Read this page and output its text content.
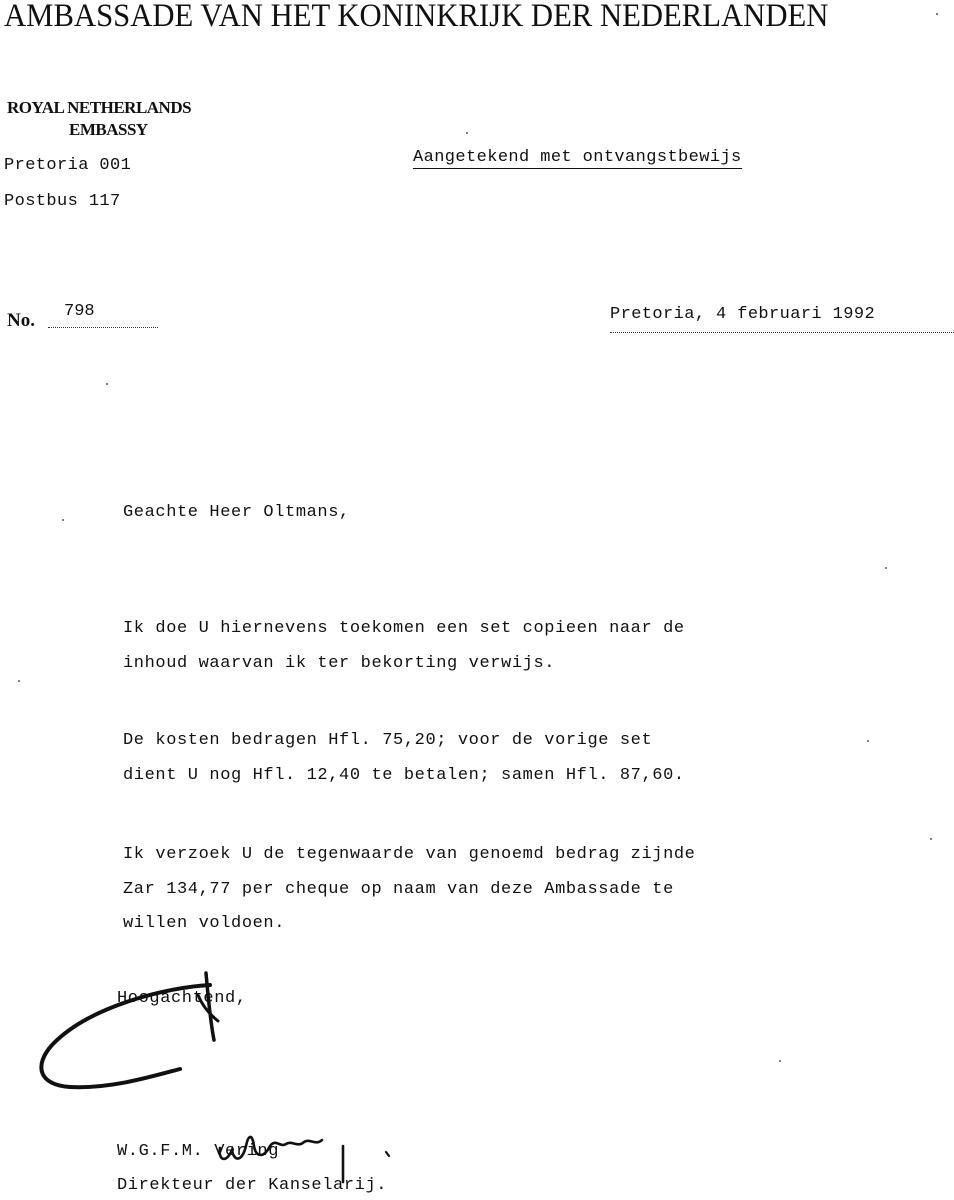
AMBASSADE VAN HET KONINKRIJK DER NEDERLANDEN
ROYAL NETHERLANDS
EMBASSY
Pretoria 001
Postbus 117
Aangetekend met ontvangstbewijs
No. 798	Pretoria, 4 februari 1992
Geachte Heer Oltmans,
Ik doe U hiernevens toekomen een set copieen naar de
inhoud waarvan ik ter bekorting verwijs.
De kosten bedragen Hfl. 75,20; voor de vorige set
dient U nog Hfl. 12,40 te betalen; samen Hfl. 87,60.
Ik verzoek U de tegenwaarde van genoemd bedrag zijnde
Zar 134,77 per cheque op naam van deze Ambassade te
willen voldoen.
Hoogachtend,
W.G.F.M. Vering
Direkteur der Kanselarij.
